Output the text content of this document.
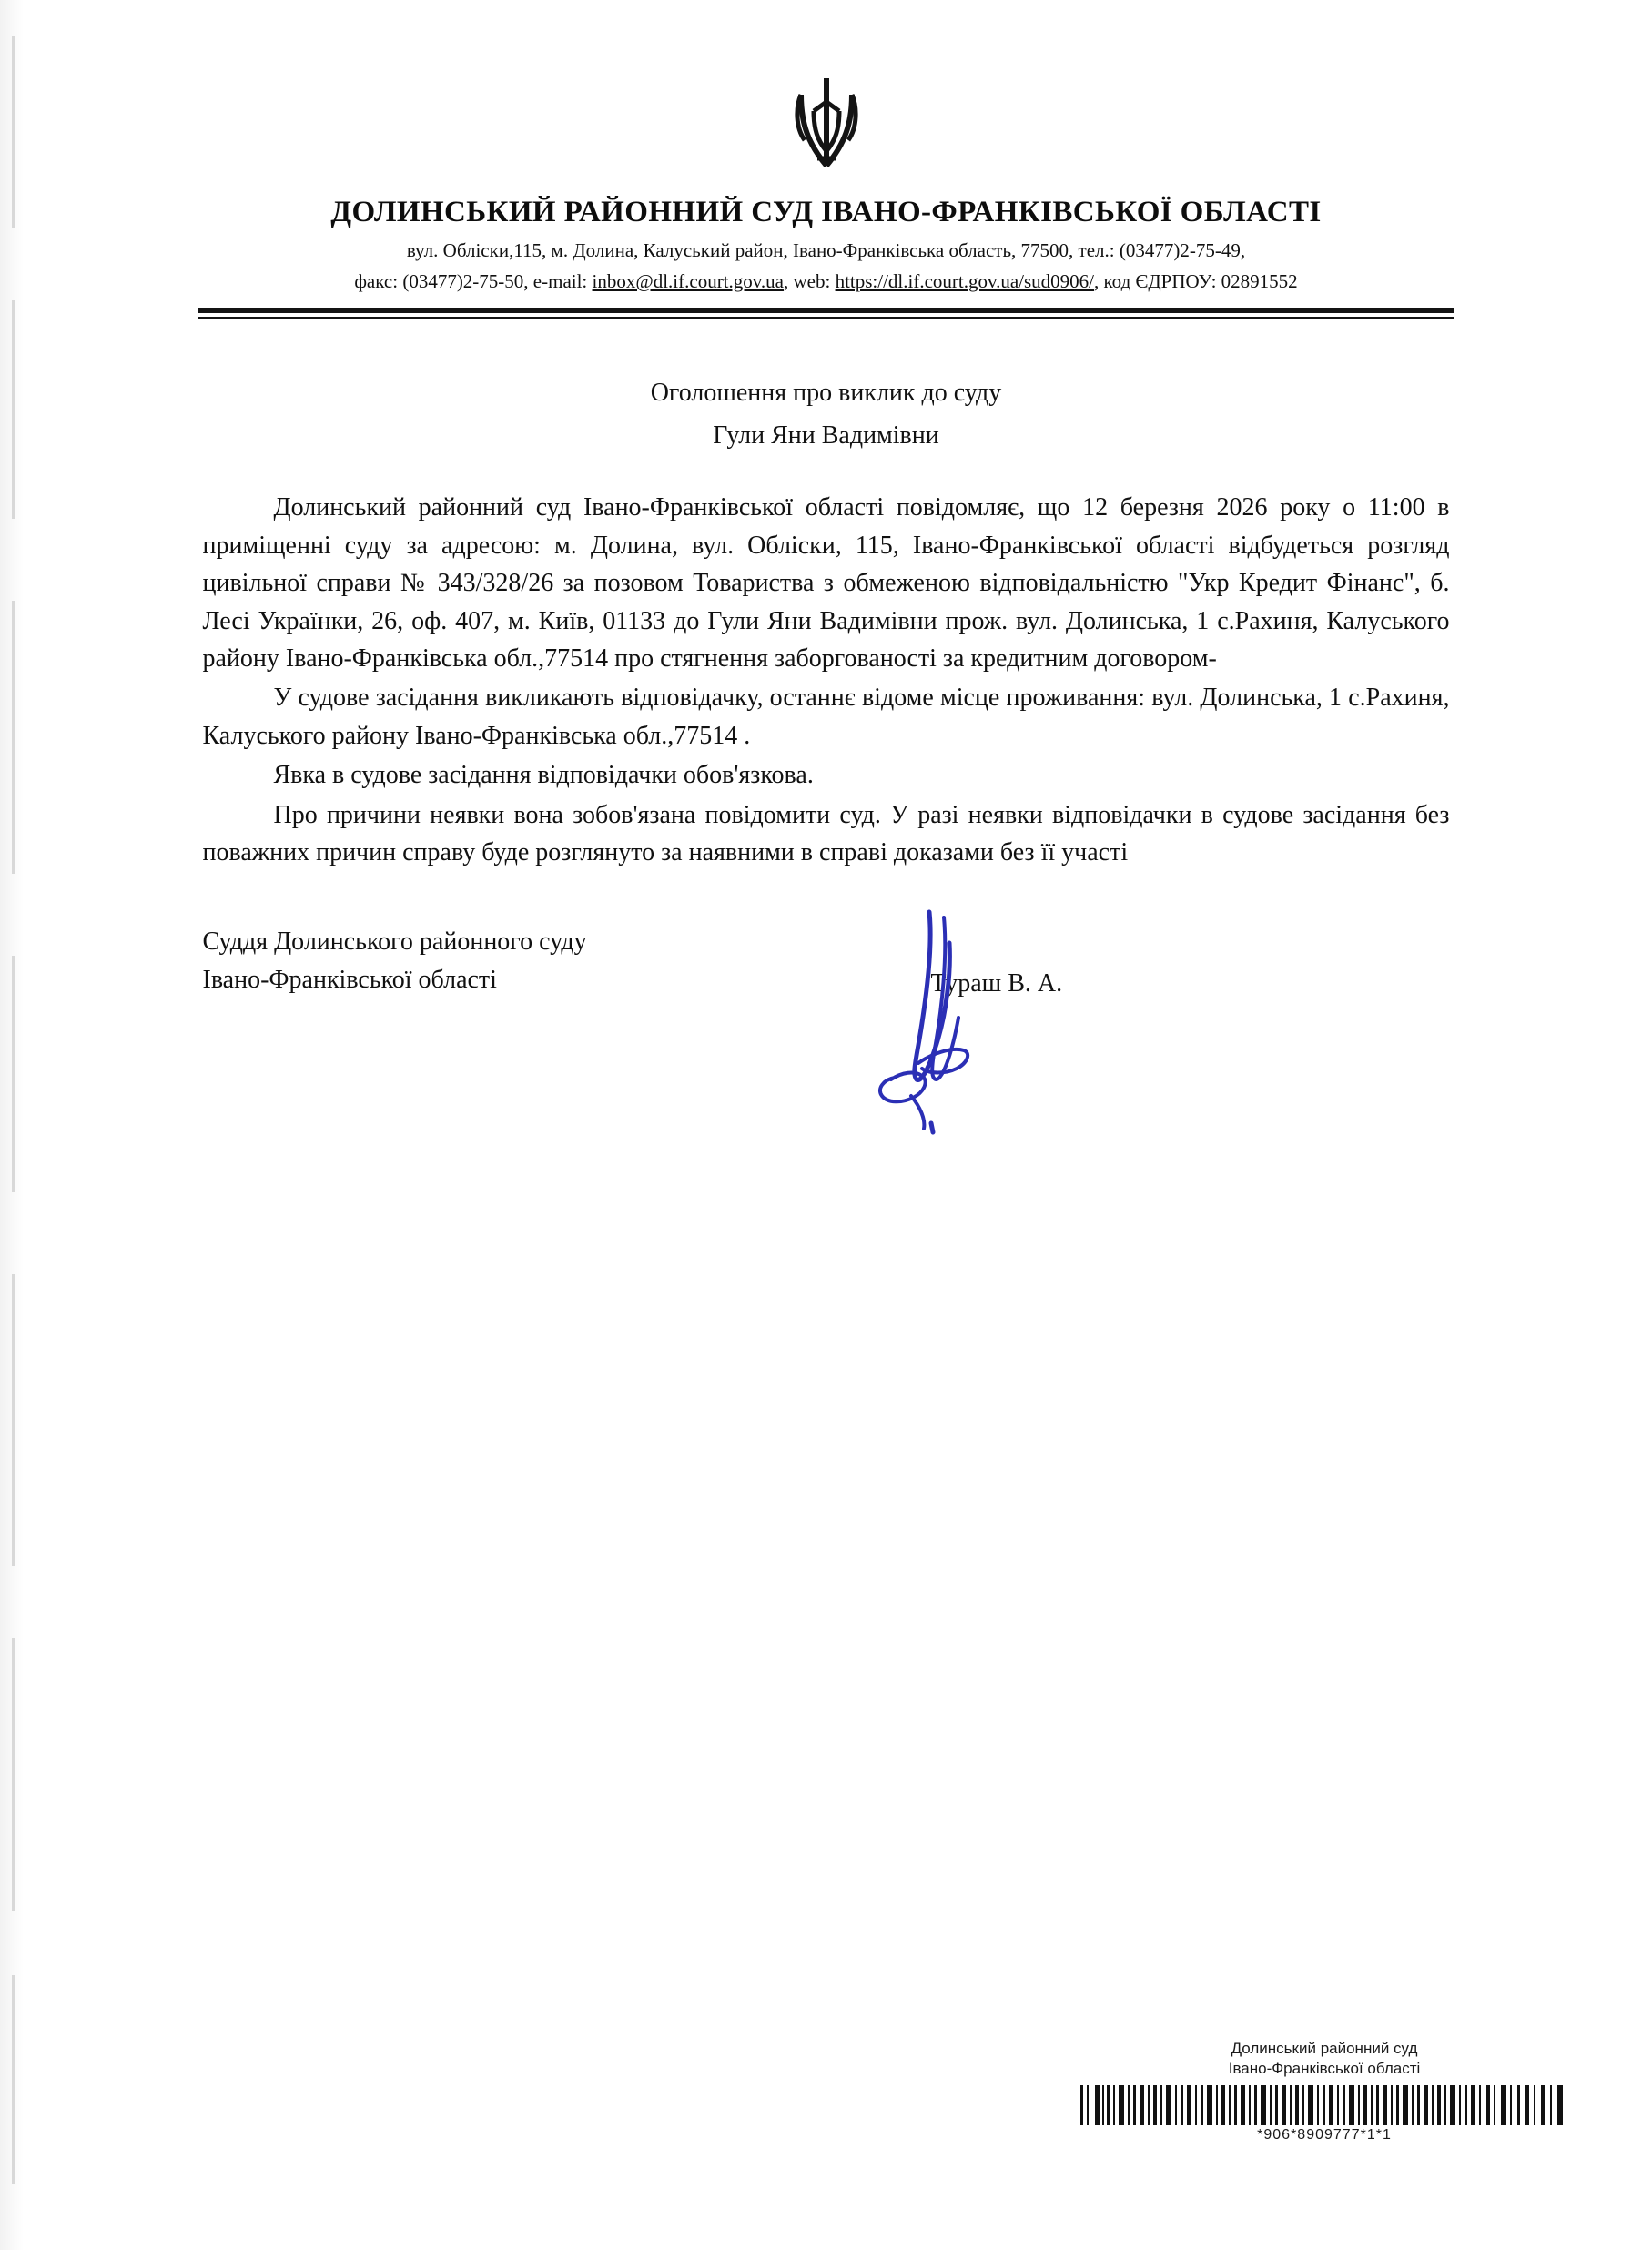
ДОЛИНСЬКИЙ РАЙОННИЙ СУД ІВАНО-ФРАНКІВСЬКОЇ ОБЛАСТІ
вул. Обліски,115, м. Долина, Калуський район, Івано-Франківська область, 77500, тел.: (03477)2-75-49,
факс: (03477)2-75-50, e-mail: inbox@dl.if.court.gov.ua, web: https://dl.if.court.gov.ua/sud0906/, код ЄДРПОУ: 02891552
Оголошення про виклик до суду
Гули Яни Вадимівни

Долинський районний суд Івано-Франківської області повідомляє, що 12 березня 2026 року о 11:00 в приміщенні суду за адресою: м. Долина, вул. Обліски, 115, Івано-Франківської області відбудеться розгляд цивільної справи № 343/328/26 за позовом Товариства з обмеженою відповідальністю "Укр Кредит Фінанс", б. Лесі Українки, 26, оф. 407, м. Київ, 01133 до Гули Яни Вадимівни прож. вул. Долинська, 1 с.Рахиня, Калуського району Івано-Франківська обл.,77514 про стягнення заборгованості за кредитним договором-

У судове засідання викликають відповідачку, останнє відоме місце проживання: вул. Долинська, 1 с.Рахиня, Калуського району Івано-Франківська обл.,77514 .

Явка в судове засідання відповідачки обов'язкова.

Про причини неявки вона зобов'язана повідомити суд. У разі неявки відповідачки в судове засідання без поважних причин справу буде розглянуто за наявними в справі доказами без її участі

Суддя Долинського районного суду
Івано-Франківської області	Тураш В. А.
Долинський районний суд
Івано-Франківської області
*906*8909777*1*1
